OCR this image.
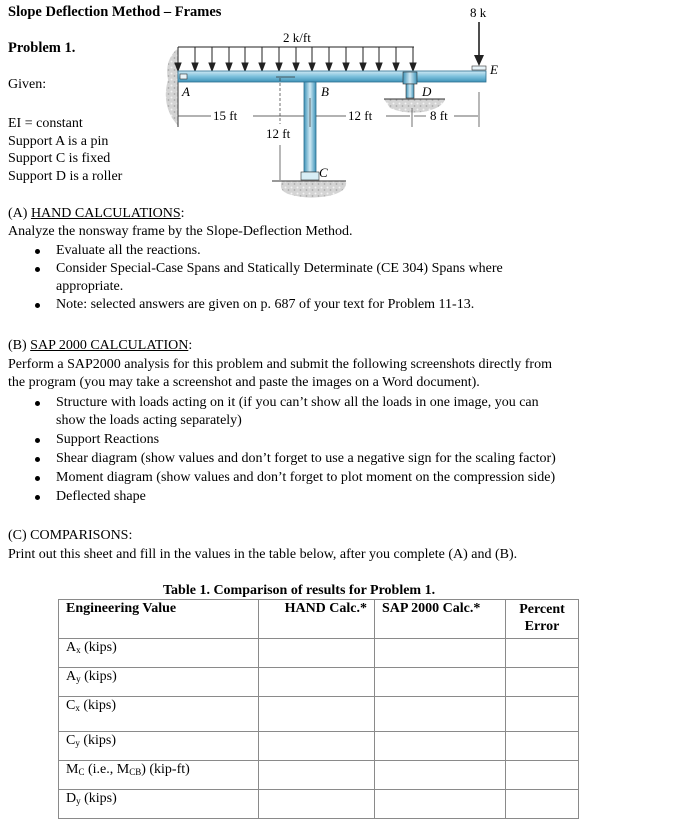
Slope Deflection Method – Frames
Problem 1.
Given:
EI = constant
Support A is a pin
Support C is fixed
Support D is a roller
2 k/ft
8 k
A	B
C
D
E
15 ft	12 ft	8 ft
12 ft
(A) HAND CALCULATIONS:
Analyze the nonsway frame by the Slope-Deflection Method.
Evaluate all the reactions.
Consider Special-Case Spans and Statically Determinate (CE 304) Spans where
appropriate.
Note: selected answers are given on p. 687 of your text for Problem 11-13.
(B) SAP 2000 CALCULATION:
Perform a SAP2000 analysis for this problem and submit the following screenshots directly from
the program (you may take a screenshot and paste the images on a Word document).
Structure with loads acting on it (if you can’t show all the loads in one image, you can
show the loads acting separately)
Support Reactions
Shear diagram (show values and don’t forget to use a negative sign for the scaling factor)
Moment diagram (show values and don’t forget to plot moment on the compression side)
Deflected shape
(C) COMPARISONS:
Print out this sheet and fill in the values in the table below, after you complete (A) and (B).
Table 1. Comparison of results for Problem 1.
Engineering Value	HAND Calc.*	SAP 2000 Calc.*	Percent
Error
$A_x$ (kips)			
$A_y$ (kips)			
$C_x$ (kips)			
$C_y$ (kips)			
$M_C$ (i.e., $M_{CB}$) (kip-ft)			
$D_y$ (kips)			
